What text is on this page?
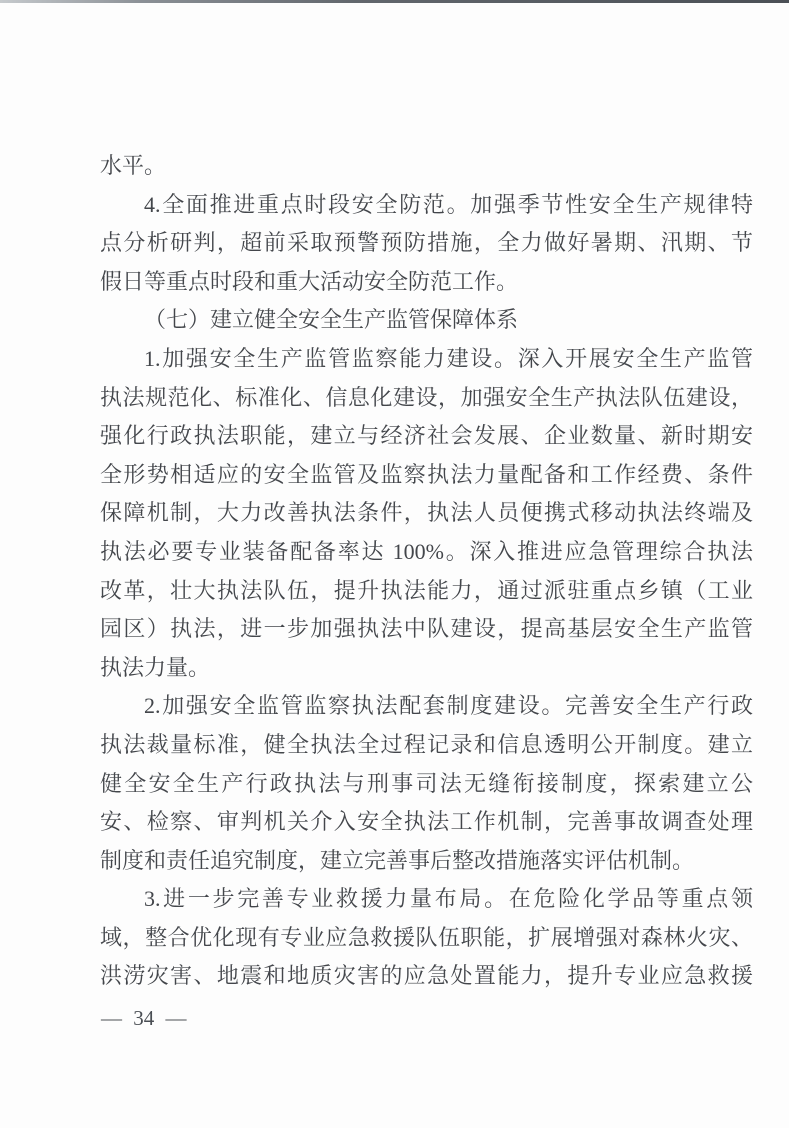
水平。
4.全面推进重点时段安全防范。加强季节性安全生产规律特
点分析研判，超前采取预警预防措施，全力做好暑期、汛期、节
假日等重点时段和重大活动安全防范工作。
（七）建立健全安全生产监管保障体系
1.加强安全生产监管监察能力建设。深入开展安全生产监管
执法规范化、标准化、信息化建设，加强安全生产执法队伍建设，
强化行政执法职能，建立与经济社会发展、企业数量、新时期安
全形势相适应的安全监管及监察执法力量配备和工作经费、条件
保障机制，大力改善执法条件，执法人员便携式移动执法终端及
执法必要专业装备配备率达 100%。深入推进应急管理综合执法
改革，壮大执法队伍，提升执法能力，通过派驻重点乡镇（工业
园区）执法，进一步加强执法中队建设，提高基层安全生产监管
执法力量。
2.加强安全监管监察执法配套制度建设。完善安全生产行政
执法裁量标准，健全执法全过程记录和信息透明公开制度。建立
健全安全生产行政执法与刑事司法无缝衔接制度，探索建立公
安、检察、审判机关介入安全执法工作机制，完善事故调查处理
制度和责任追究制度，建立完善事后整改措施落实评估机制。
3.进一步完善专业救援力量布局。在危险化学品等重点领
域，整合优化现有专业应急救援队伍职能，扩展增强对森林火灾、
洪涝灾害、地震和地质灾害的应急处置能力，提升专业应急救援
— 34 —
